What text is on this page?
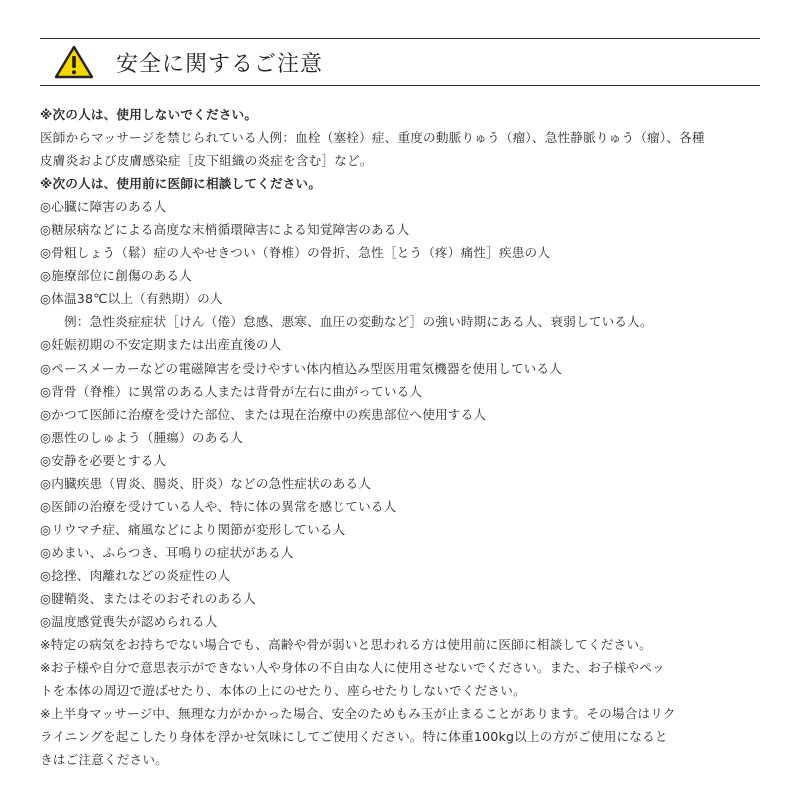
安全に関するご注意
※次の人は、使用しないでください。
医師からマッサージを禁じられている人例：血栓（塞栓）症、重度の動脈りゅう（瘤）、急性静脈りゅう（瘤）、各種
皮膚炎および皮膚感染症［皮下組織の炎症を含む］など。
※次の人は、使用前に医師に相談してください。
◎心臓に障害のある人
◎糖尿病などによる高度な末梢循環障害による知覚障害のある人
◎骨粗しょう（鬆）症の人やせきつい（脊椎）の骨折、急性［とう（疼）痛性］疾患の人
◎施療部位に創傷のある人
◎体温38℃以上（有熱期）の人
例：急性炎症症状［けん（倦）怠感、悪寒、血圧の変動など］の強い時期にある人、衰弱している人。
◎妊娠初期の不安定期または出産直後の人
◎ペースメーカーなどの電磁障害を受けやすい体内植込み型医用電気機器を使用している人
◎背骨（脊椎）に異常のある人または背骨が左右に曲がっている人
◎かつて医師に治療を受けた部位、または現在治療中の疾患部位へ使用する人
◎悪性のしゅよう（腫瘍）のある人
◎安静を必要とする人
◎内臓疾患（胃炎、腸炎、肝炎）などの急性症状のある人
◎医師の治療を受けている人や、特に体の異常を感じている人
◎リウマチ症、痛風などにより関節が変形している人
◎めまい、ふらつき、耳鳴りの症状がある人
◎捻挫、肉離れなどの炎症性の人
◎腱鞘炎、またはそのおそれのある人
◎温度感覚喪失が認められる人
※特定の病気をお持ちでない場合でも、高齢や骨が弱いと思われる方は使用前に医師に相談してください。
※お子様や自分で意思表示ができない人や身体の不自由な人に使用させないでください。また、お子様やペッ
トを本体の周辺で遊ばせたり、本体の上にのせたり、座らせたりしないでください。
※上半身マッサージ中、無理な力がかかった場合、安全のためもみ玉が止まることがあります。その場合はリク
ライニングを起こしたり身体を浮かせ気味にしてご使用ください。特に体重100kg以上の方がご使用になると
きはご注意ください。
